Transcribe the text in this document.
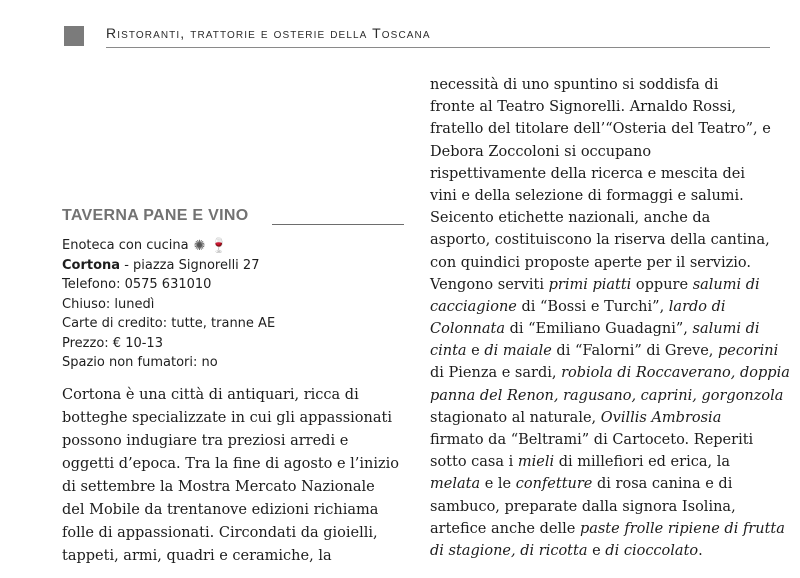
Ristoranti, trattorie e osterie della Toscana
TAVERNA PANE E VINO
Enoteca con cucina ✺ 🍷
Cortona - piazza Signorelli 27
Telefono: 0575 631010
Chiuso: lunedì
Carte di credito: tutte, tranne AE
Prezzo: € 10-13
Spazio non fumatori: no
Cortona è una città di antiquari, ricca di
botteghe specializzate in cui gli appassionati
possono indugiare tra preziosi arredi e
oggetti d’epoca. Tra la fine di agosto e l’inizio
di settembre la Mostra Mercato Nazionale
del Mobile da trentanove edizioni richiama
folle di appassionati. Circondati da gioielli,
tappeti, armi, quadri e ceramiche, la
necessità di uno spuntino si soddisfa di
fronte al Teatro Signorelli. Arnaldo Rossi,
fratello del titolare dell’“Osteria del Teatro”, e
Debora Zoccoloni si occupano
rispettivamente della ricerca e mescita dei
vini e della selezione di formaggi e salumi.
Seicento etichette nazionali, anche da
asporto, costituiscono la riserva della cantina,
con quindici proposte aperte per il servizio.
Vengono serviti primi piatti oppure salumi di
cacciagione di “Bossi e Turchi”, lardo di
Colonnata di “Emiliano Guadagni”, salumi di
cinta e di maiale di “Falorni” di Greve, pecorini
di Pienza e sardi, robiola di Roccaverano, doppia
panna del Renon, ragusano, caprini, gorgonzola
stagionato al naturale, Ovillis Ambrosia
firmato da “Beltrami” di Cartoceto. Reperiti
sotto casa i mieli di millefiori ed erica, la
melata e le confetture di rosa canina e di
sambuco, preparate dalla signora Isolina,
artefice anche delle paste frolle ripiene di frutta
di stagione, di ricotta e di cioccolato.
